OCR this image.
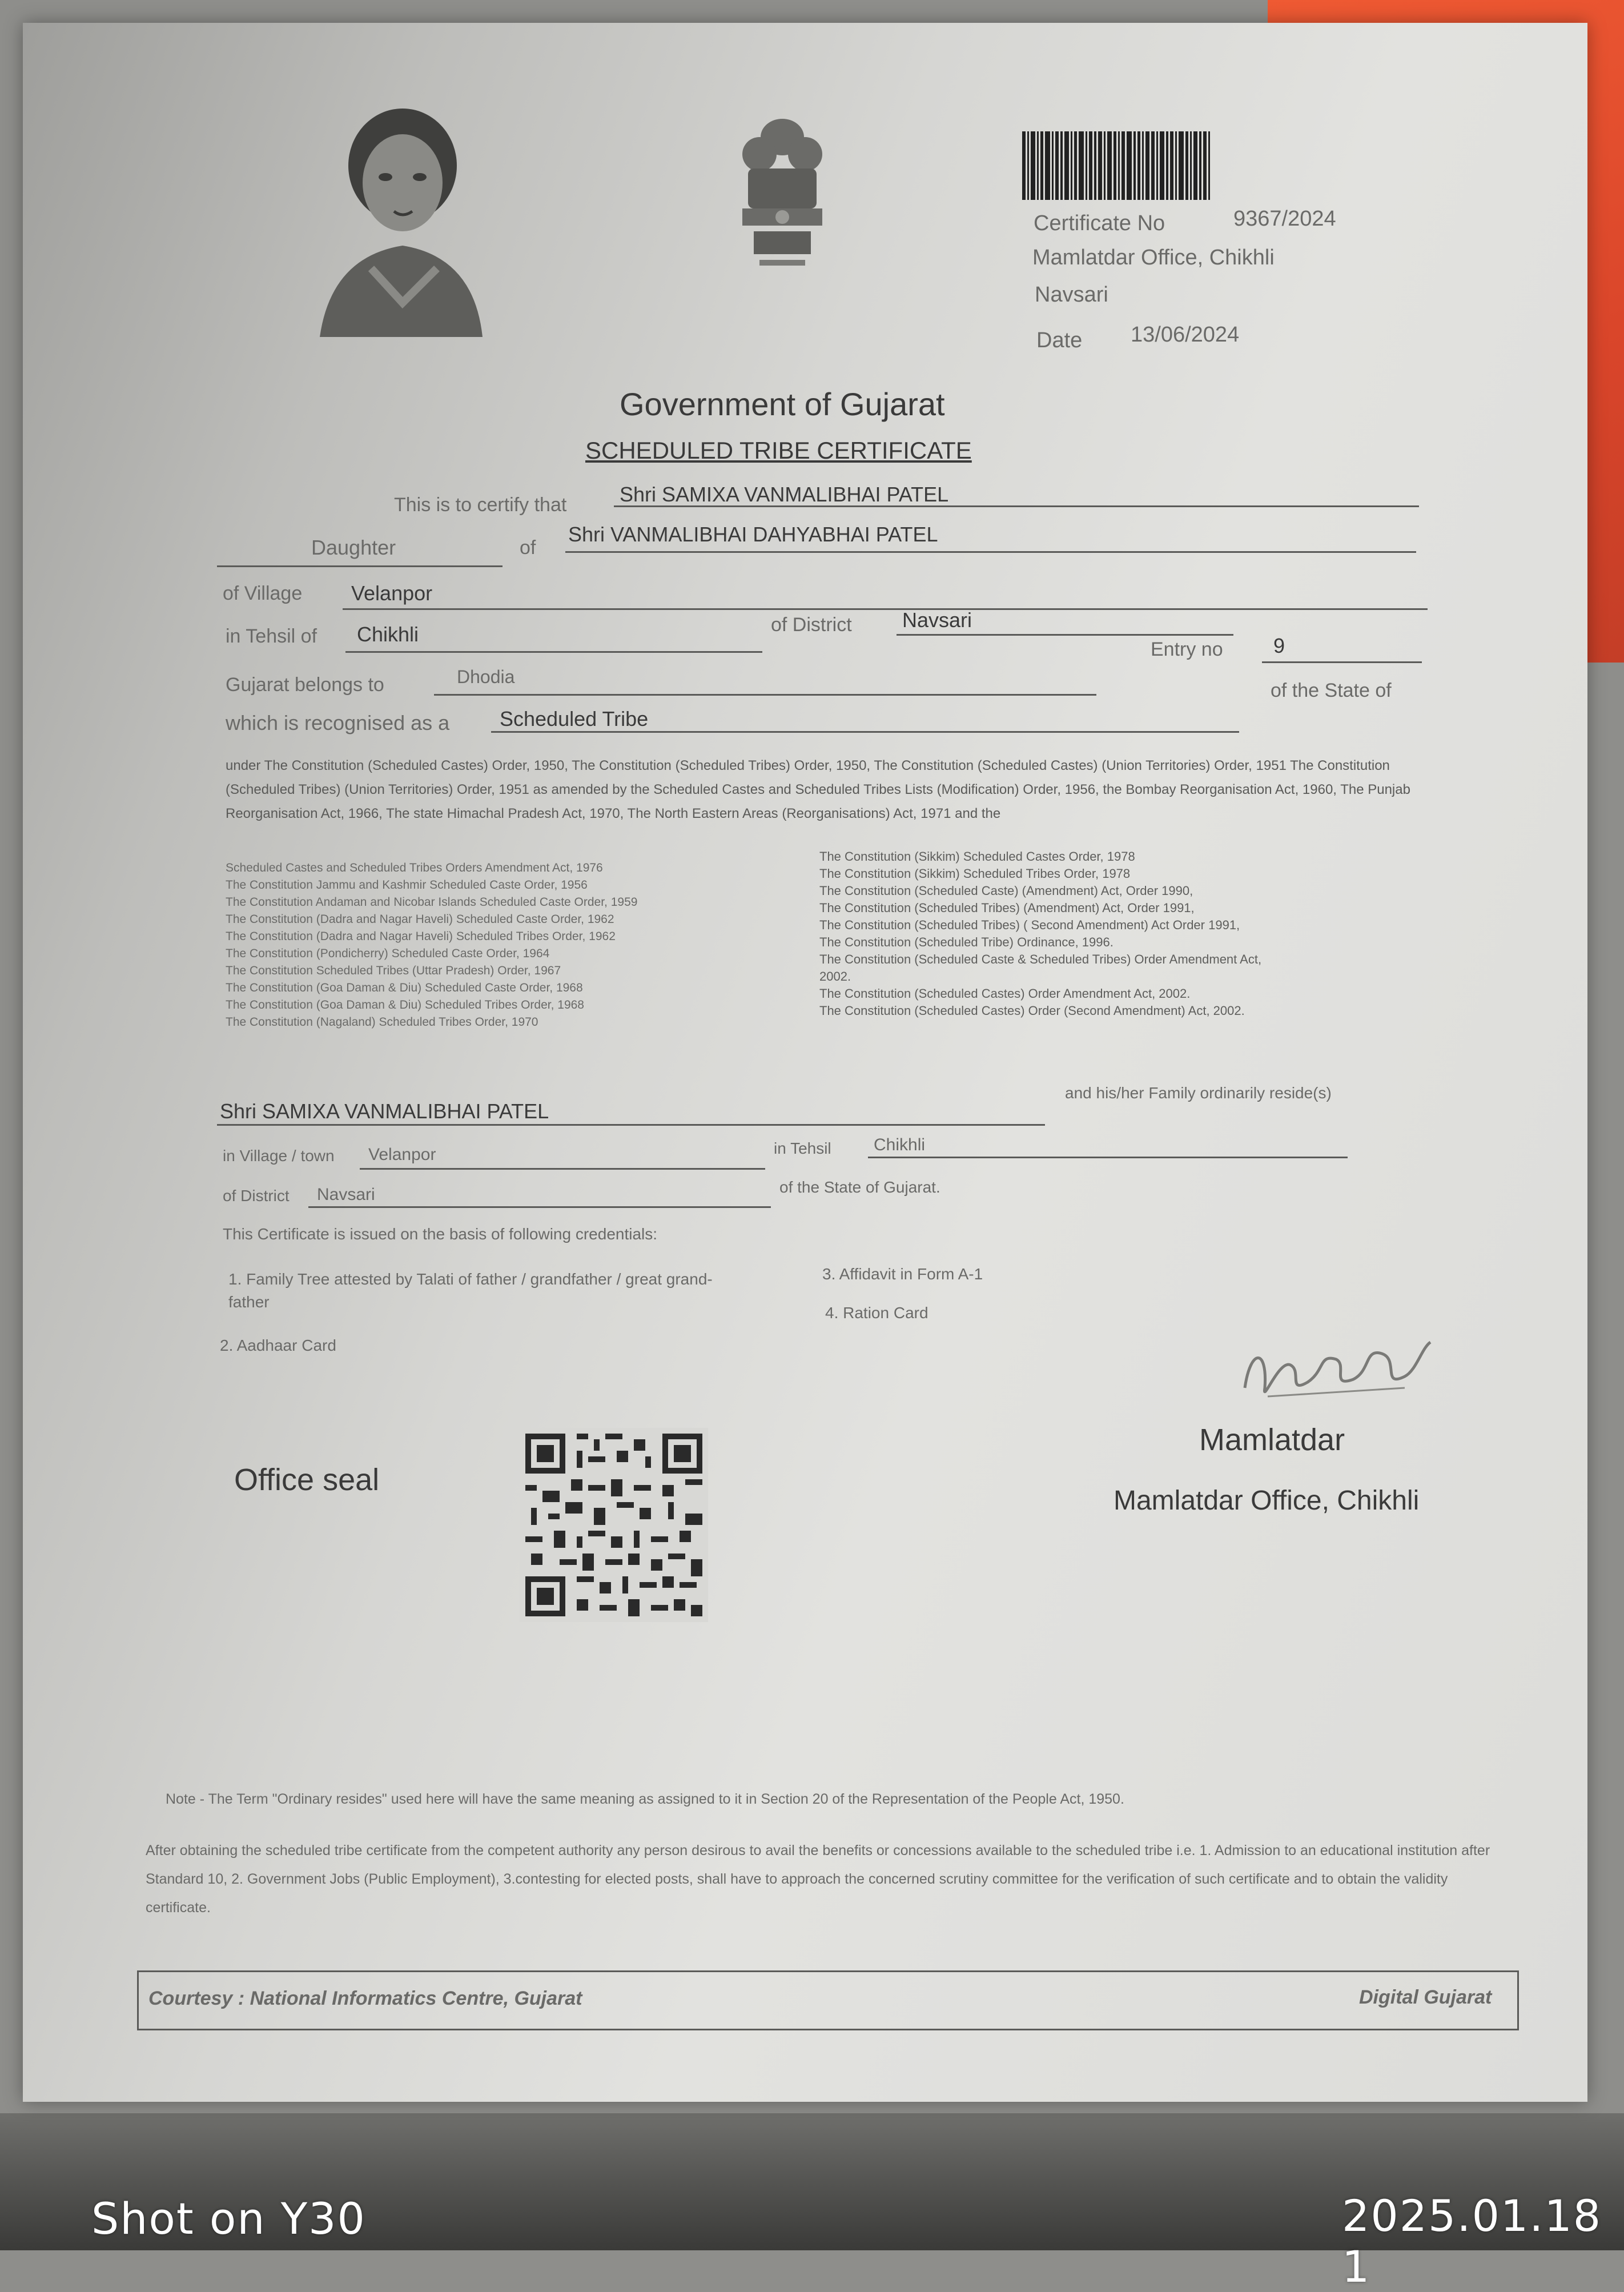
Certificate No	9367/2024
Mamlatdar Office, Chikhli
Navsari
Date 13/06/2024
Government of Gujarat
SCHEDULED TRIBE CERTIFICATE
This is to certify that	Shri SAMIXA VANMALIBHAI PATEL
Daughter	of
Shri VANMALIBHAI DAHYABHAI PATEL
of Village Velanpor
in Tehsil of Chikhli	of District Navsari
Entry no 9
Gujarat belongs to	Dhodia
which is recognised as a Scheduled Tribe
of the State of
under The Constitution (Scheduled Castes) Order, 1950, The Constitution (Scheduled Tribes) Order, 1950, The Constitution (Scheduled Castes) (Union Territories) Order, 1951 The Constitution (Scheduled Tribes) (Union Territories) Order, 1951 as amended by the Scheduled Castes and Scheduled Tribes Lists (Modification) Order, 1956, the Bombay Reorganisation Act, 1960, The Punjab Reorganisation Act, 1966, The state Himachal Pradesh Act, 1970, The North Eastern Areas (Reorganisations) Act, 1971 and the
Scheduled Castes and Scheduled Tribes Orders Amendment Act, 1976
The Constitution Jammu and Kashmir Scheduled Caste Order, 1956
The Constitution Andaman and Nicobar Islands Scheduled Caste Order, 1959
The Constitution (Dadra and Nagar Haveli) Scheduled Caste Order, 1962
The Constitution (Dadra and Nagar Haveli) Scheduled Tribes Order, 1962
The Constitution (Pondicherry) Scheduled Caste Order, 1964
The Constitution Scheduled Tribes (Uttar Pradesh) Order, 1967
The Constitution (Goa Daman & Diu) Scheduled Caste Order, 1968
The Constitution (Goa Daman & Diu) Scheduled Tribes Order, 1968
The Constitution (Nagaland) Scheduled Tribes Order, 1970
The Constitution (Sikkim) Scheduled Castes Order, 1978
The Constitution (Sikkim) Scheduled Tribes Order, 1978
The Constitution (Scheduled Caste) (Amendment) Act, Order 1990,
The Constitution (Scheduled Tribes) (Amendment) Act, Order 1991,
The Constitution (Scheduled Tribes) ( Second Amendment) Act Order 1991,
The Constitution (Scheduled Tribe) Ordinance, 1996.
The Constitution (Scheduled Caste & Scheduled Tribes) Order Amendment Act,
2002.
The Constitution (Scheduled Castes) Order Amendment Act, 2002.
The Constitution (Scheduled Castes) Order (Second Amendment) Act, 2002.
Shri SAMIXA VANMALIBHAI PATEL
and his/her Family ordinarily reside(s)
in Village / town Velanpor	in Tehsil Chikhli
of District Navsari	of the State of Gujarat.
This Certificate is issued on the basis of following credentials:
1. Family Tree attested by Talati of father / grandfather / great grand-father
2. Aadhaar Card
3. Affidavit in Form A-1
4. Ration Card
Mamlatdar
Mamlatdar Office, Chikhli
Office seal
Note - The Term "Ordinary resides" used here will have the same meaning as assigned to it in Section 20 of the Representation of the People Act, 1950.
After obtaining the scheduled tribe certificate from the competent authority any person desirous to avail the benefits or concessions available to the scheduled tribe i.e. 1. Admission to an educational institution after Standard 10, 2. Government Jobs (Public Employment), 3.contesting for elected posts, shall have to approach the concerned scrutiny committee for the verification of such certificate and to obtain the validity certificate.
Courtesy : National Informatics Centre, Gujarat	Digital Gujarat
Shot on Y30	2025.01.18 1
